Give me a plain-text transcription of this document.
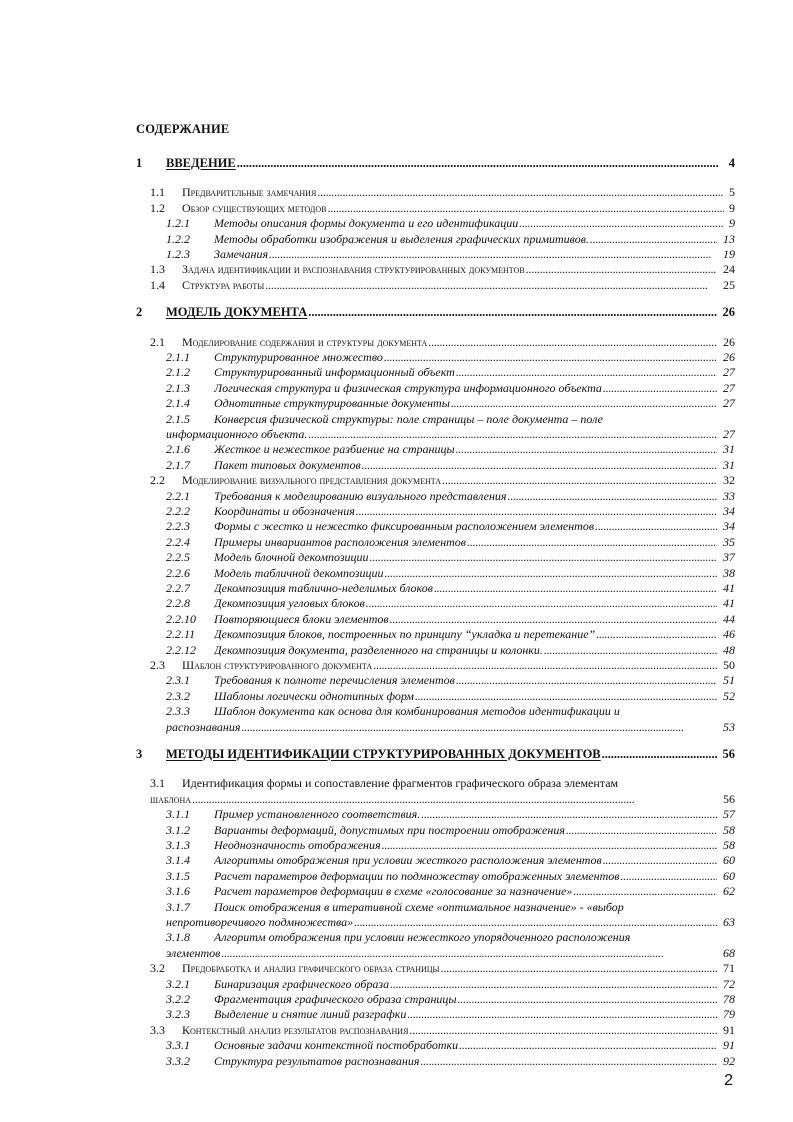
СОДЕРЖАНИЕ
1 ВВЕДЕНИЕ . . .	4
1.1 Предварительные замечания . . .	5
1.2 Обзор существующих методов . . .	9
1.2.1 Методы описания формы документа и его идентификации . . .	9
1.2.2 Методы обработки изображения и выделения графических примитивов. . . .	13
1.2.3 Замечания . . .	19
1.3 Задача идентификации и распознавания структурированных документов . . .	24
1.4 Структура работы . . .	25
2 МОДЕЛЬ ДОКУМЕНТА . . .	26
2.1 Моделирование содержания и структуры документа . . .	26
2.1.1 Структурированное множество . . .	26
2.1.2 Структурированный информационный объект . . .	27
2.1.3 Логическая структура и физическая структура информационного объекта . . .	27
2.1.4 Однотипные структурированные документы . . .	27
2.1.5 Конверсия физической структуры: поле страницы – поле документа – поле
информационного объекта. . . .	27
2.1.6 Жесткое и нежесткое разбиение на страницы . . .	31
2.1.7 Пакет типовых документов . . .	31
2.2 Моделирование визуального представления документа . . .	32
2.2.1 Требования к моделированию визуального представления . . .	33
2.2.2 Координаты и обозначения . . .	34
2.2.3 Формы с жестко и нежестко фиксированным расположением элементов . . .	34
2.2.4 Примеры инвариантов расположения элементов . . .	35
2.2.5 Модель блочной декомпозиции . . .	37
2.2.6 Модель табличной декомпозиции . . .	38
2.2.7 Декомпозиция таблично-неделимых блоков . . .	41
2.2.8 Декомпозиция угловых блоков . . .	41
2.2.10 Повторяющиеся блоки элементов . . .	44
2.2.11 Декомпозиция блоков, построенных по принципу “укладка и перетекание” . . .	46
2.2.12 Декомпозиция документа, разделенного на страницы и колонки. . . .	48
2.3 Шаблон структурированного документа . . .	50
2.3.1 Требования к полноте перечисления элементов . . .	51
2.3.2 Шаблоны логически однотипных форм . . .	52
2.3.3 Шаблон документа как основа для комбинирования методов идентификации и
распознавания . . .	53
3 МЕТОДЫ ИДЕНТИФИКАЦИИ СТРУКТУРИРОВАННЫХ ДОКУМЕНТОВ . . .	56
3.1 Идентификация формы и сопоставление фрагментов графического образа элементам
шаблона . . .	56
3.1.1 Пример установленного соответствия. . . .	57
3.1.2 Варианты деформаций, допустимых при построении отображения . . .	58
3.1.3 Неоднозначность отображения . . .	58
3.1.4 Алгоритмы отображения при условии жесткого расположения элементов . . .	60
3.1.5 Расчет параметров деформации по подмножеству отображенных элементов . . .	60
3.1.6 Расчет параметров деформации в схеме «голосование за назначение» . . .	62
3.1.7 Поиск отображения в итеративной схеме «оптимальное назначение» - «выбор
непротиворечивого подмножества» . . .	63
3.1.8 Алгоритм отображения при условии нежесткого упорядоченного расположения
элементов . . .	68
3.2 Предобработка и анализ графического образа страницы . . .	71
3.2.1 Бинаризация графического образа . . .	72
3.2.2 Фрагментация графического образа страницы . . .	78
3.2.3 Выделение и снятие линий разграфки . . .	79
3.3 Контекстный анализ результатов распознавания . . .	91
3.3.1 Основные задачи контекстной постобработки . . .	91
3.3.2 Структура результатов распознавания . . .	92
2
